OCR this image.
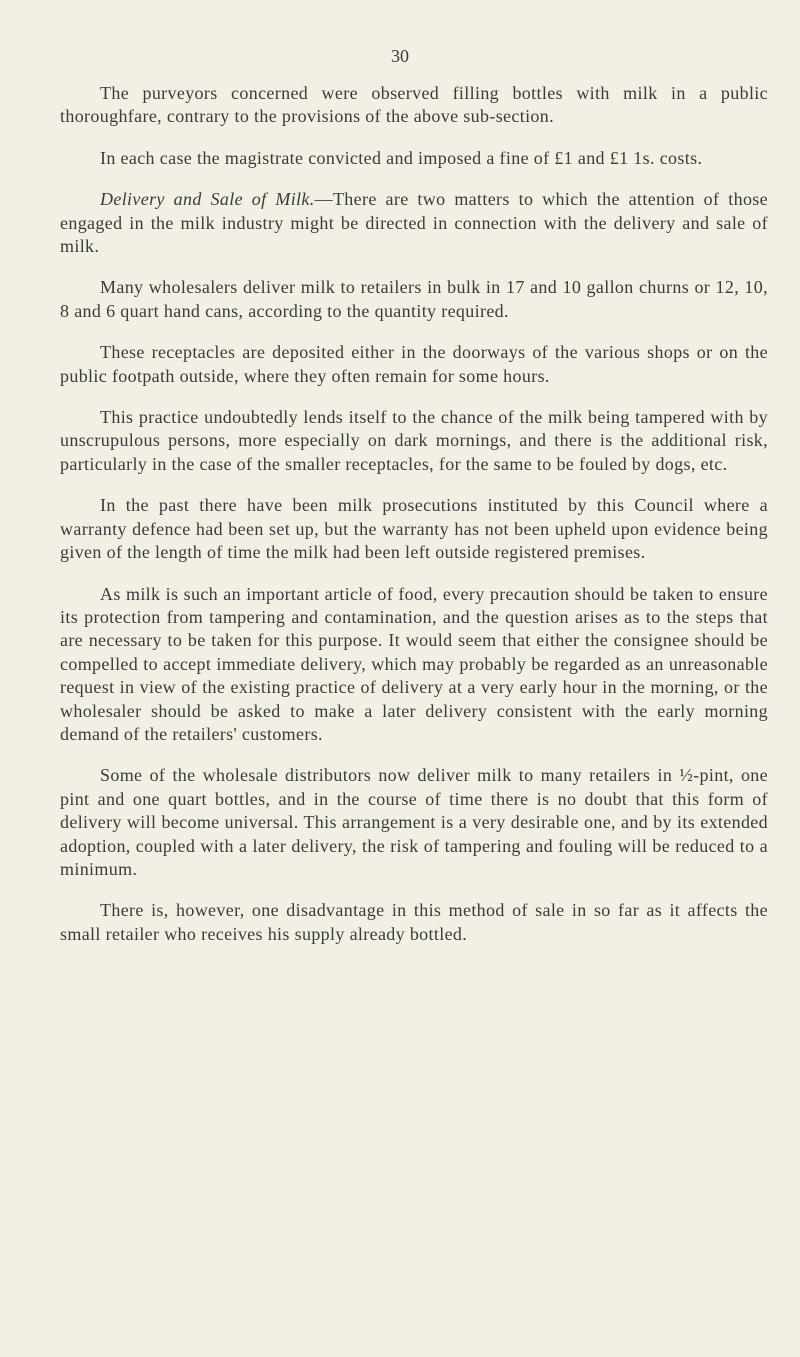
30

The purveyors concerned were observed filling bottles with milk in a public thoroughfare, contrary to the provisions of the above sub-section.

In each case the magistrate convicted and imposed a fine of £1 and £1 1s. costs.

Delivery and Sale of Milk.—There are two matters to which the attention of those engaged in the milk industry might be directed in connection with the delivery and sale of milk.

Many wholesalers deliver milk to retailers in bulk in 17 and 10 gallon churns or 12, 10, 8 and 6 quart hand cans, according to the quantity required.

These receptacles are deposited either in the doorways of the various shops or on the public footpath outside, where they often remain for some hours.

This practice undoubtedly lends itself to the chance of the milk being tampered with by unscrupulous persons, more especially on dark mornings, and there is the additional risk, particularly in the case of the smaller receptacles, for the same to be fouled by dogs, etc.

In the past there have been milk prosecutions instituted by this Council where a warranty defence had been set up, but the warranty has not been upheld upon evidence being given of the length of time the milk had been left outside registered premises.

As milk is such an important article of food, every precaution should be taken to ensure its protection from tampering and contamination, and the question arises as to the steps that are necessary to be taken for this purpose. It would seem that either the consignee should be compelled to accept immediate delivery, which may probably be regarded as an unreasonable request in view of the existing practice of delivery at a very early hour in the morning, or the wholesaler should be asked to make a later delivery consistent with the early morning demand of the retailers' customers.

Some of the wholesale distributors now deliver milk to many retailers in ½-pint, one pint and one quart bottles, and in the course of time there is no doubt that this form of delivery will become universal. This arrangement is a very desirable one, and by its extended adoption, coupled with a later delivery, the risk of tampering and fouling will be reduced to a minimum.

There is, however, one disadvantage in this method of sale in so far as it affects the small retailer who receives his supply already bottled.
